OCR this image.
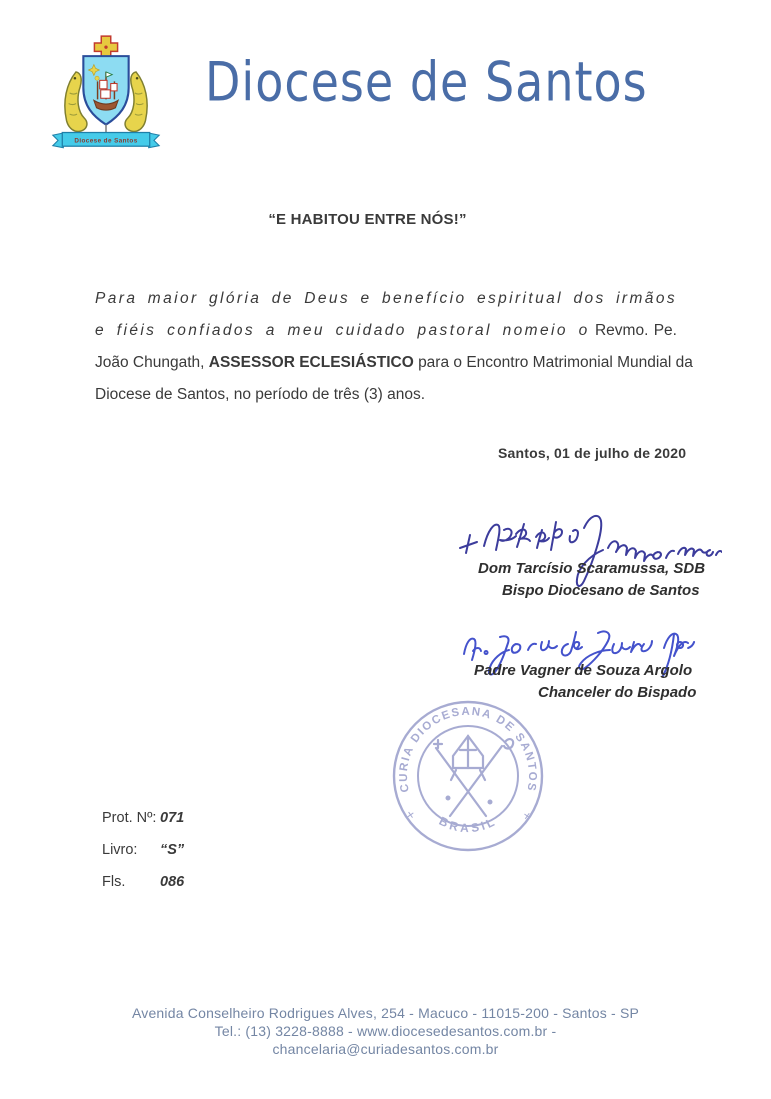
Diocese de Santos
Diocese de Santos
“E HABITOU ENTRE NÓS!”
Para maior glória de Deus e benefício espiritual dos irmãos
e fiéis confiados a meu cuidado pastoral nomeio o Revmo. Pe.
João Chungath, ASSESSOR ECLESIÁSTICO para o Encontro Matrimonial Mundial da
Diocese de Santos, no período de três (3) anos.
Santos, 01 de julho de 2020
Dom Tarcísio Scaramussa, SDB
Bispo Diocesano de Santos
Padre Vagner de Souza Argolo
Chanceler do Bispado
CURIA DIOCESANA DE SANTOS
BRASIL
+	+
Prot. Nº: 071
Livro: “S”
Fls. 086
Avenida Conselheiro Rodrigues Alves, 254 - Macuco - 11015-200 - Santos - SP
Tel.: (13) 3228-8888 - www.diocesedesantos.com.br -
chancelaria@curiadesantos.com.br
